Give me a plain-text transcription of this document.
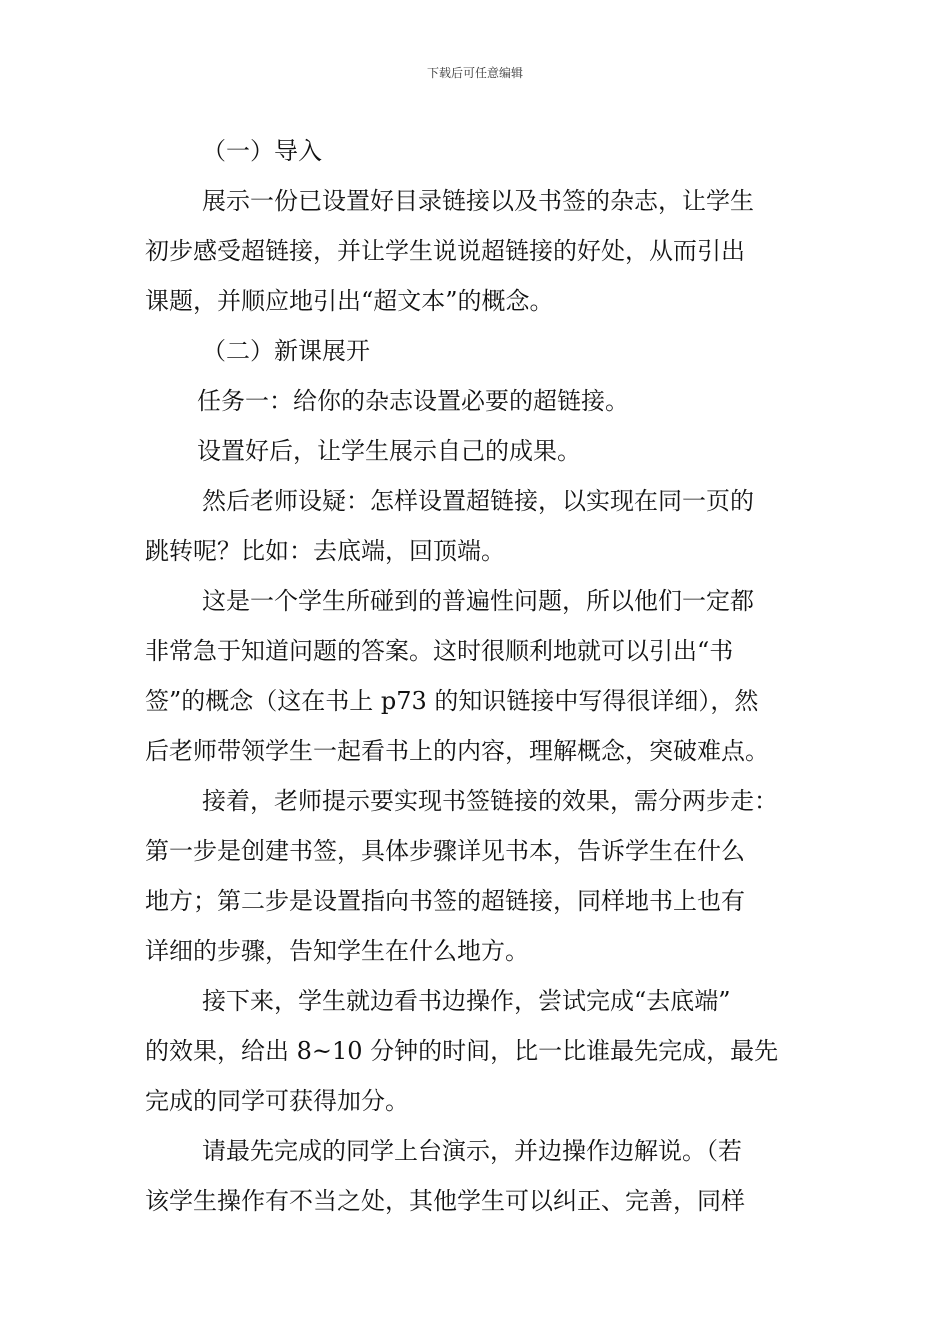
下载后可任意编辑
（一）导入
展示一份已设置好目录链接以及书签的杂志，让学生
初步感受超链接，并让学生说说超链接的好处，从而引出
课题，并顺应地引出“超文本”的概念。
（二）新课展开
任务一：给你的杂志设置必要的超链接。
设置好后，让学生展示自己的成果。
然后老师设疑：怎样设置超链接，以实现在同一页的
跳转呢？比如：去底端，回顶端。
这是一个学生所碰到的普遍性问题，所以他们一定都
非常急于知道问题的答案。这时很顺利地就可以引出“书
签”的概念（这在书上 p73 的知识链接中写得很详细），然
后老师带领学生一起看书上的内容，理解概念，突破难点。
接着，老师提示要实现书签链接的效果，需分两步走：
第一步是创建书签，具体步骤详见书本，告诉学生在什么
地方；第二步是设置指向书签的超链接，同样地书上也有
详细的步骤，告知学生在什么地方。
接下来，学生就边看书边操作，尝试完成“去底端”
的效果，给出 8~10 分钟的时间，比一比谁最先完成，最先
完成的同学可获得加分。
请最先完成的同学上台演示，并边操作边解说。（若
该学生操作有不当之处，其他学生可以纠正、完善，同样
